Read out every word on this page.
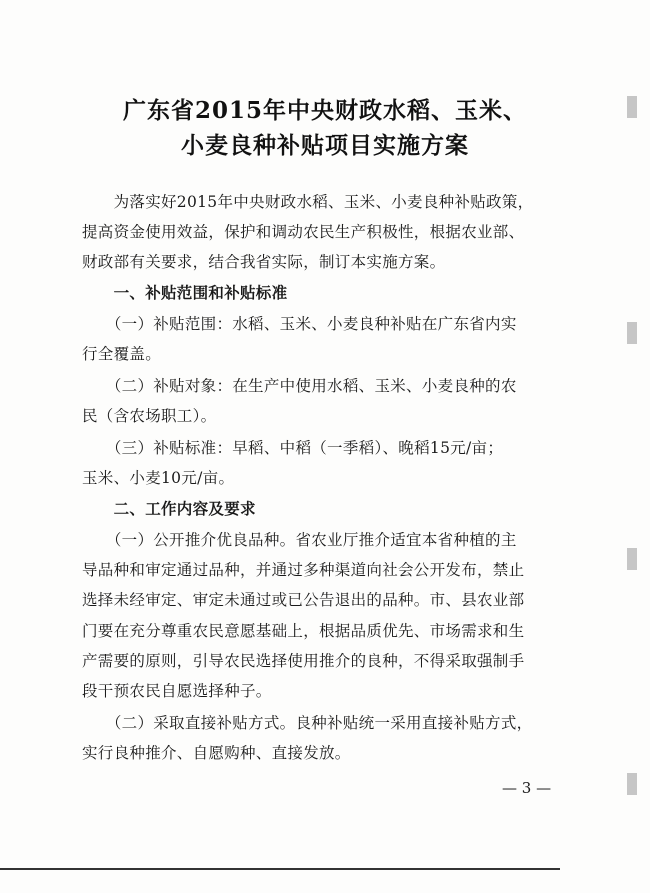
广东省2015年中央财政水稻、玉米、
小麦良种补贴项目实施方案
　　为落实好2015年中央财政水稻、玉米、小麦良种补贴政策，
提高资金使用效益，保护和调动农民生产积极性，根据农业部、
财政部有关要求，结合我省实际，制订本实施方案。
　　一、补贴范围和补贴标准
　　（一）补贴范围：水稻、玉米、小麦良种补贴在广东省内实
行全覆盖。
　　（二）补贴对象：在生产中使用水稻、玉米、小麦良种的农
民（含农场职工）。
　　（三）补贴标准：早稻、中稻（一季稻）、晚稻15元/亩；
玉米、小麦10元/亩。
　　二、工作内容及要求
　　（一）公开推介优良品种。省农业厅推介适宜本省种植的主
导品种和审定通过品种，并通过多种渠道向社会公开发布，禁止
选择未经审定、审定未通过或已公告退出的品种。市、县农业部
门要在充分尊重农民意愿基础上，根据品质优先、市场需求和生
产需要的原则，引导农民选择使用推介的良种，不得采取强制手
段干预农民自愿选择种子。
　　（二）采取直接补贴方式。良种补贴统一采用直接补贴方式，
实行良种推介、自愿购种、直接发放。
— 3 —
